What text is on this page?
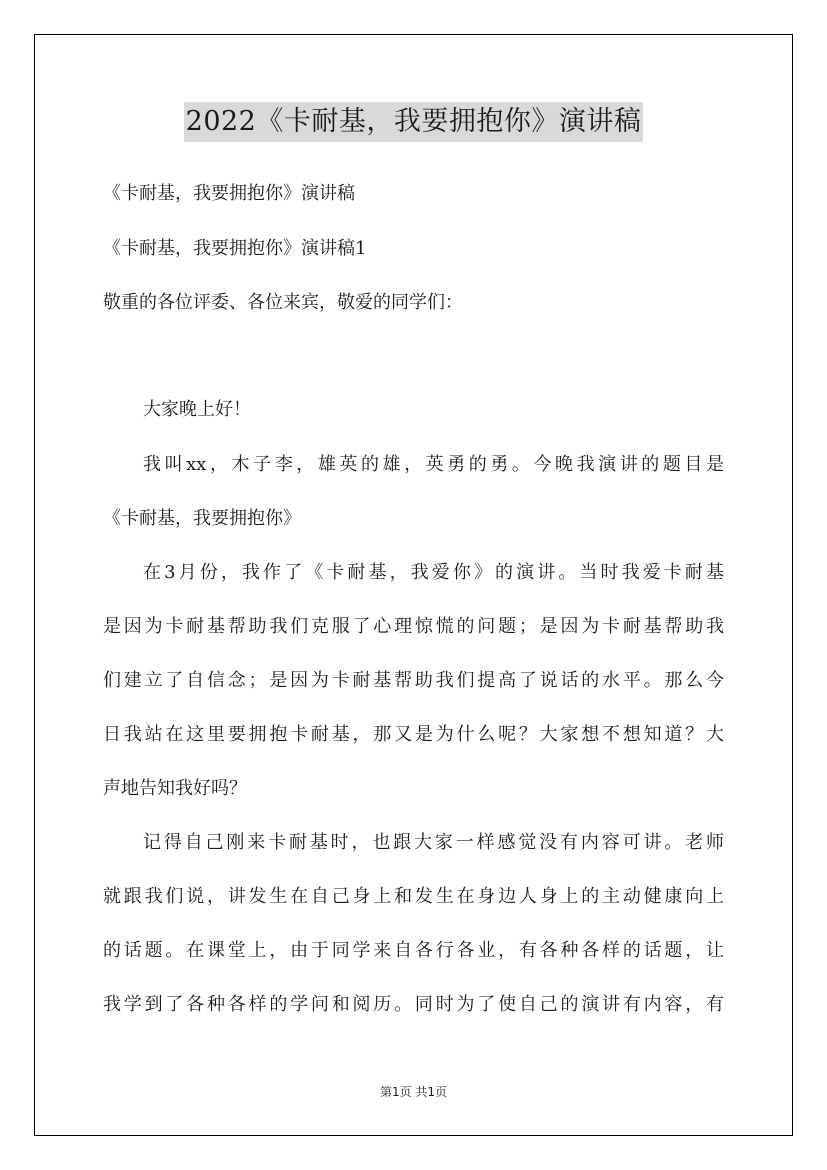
2022《卡耐基，我要拥抱你》演讲稿
《卡耐基，我要拥抱你》演讲稿
《卡耐基，我要拥抱你》演讲稿1
敬重的各位评委、各位来宾，敬爱的同学们：
大家晚上好！
我叫xx，木子李，雄英的雄，英勇的勇。今晚我演讲的题目是
《卡耐基，我要拥抱你》
在3月份，我作了《卡耐基，我爱你》的演讲。当时我爱卡耐基
是因为卡耐基帮助我们克服了心理惊慌的问题；是因为卡耐基帮助我
们建立了自信念；是因为卡耐基帮助我们提高了说话的水平。那么今
日我站在这里要拥抱卡耐基，那又是为什么呢？大家想不想知道？大
声地告知我好吗？
记得自己刚来卡耐基时，也跟大家一样感觉没有内容可讲。老师
就跟我们说，讲发生在自己身上和发生在身边人身上的主动健康向上
的话题。在课堂上，由于同学来自各行各业，有各种各样的话题，让
我学到了各种各样的学问和阅历。同时为了使自己的演讲有内容，有
第1页 共1页
